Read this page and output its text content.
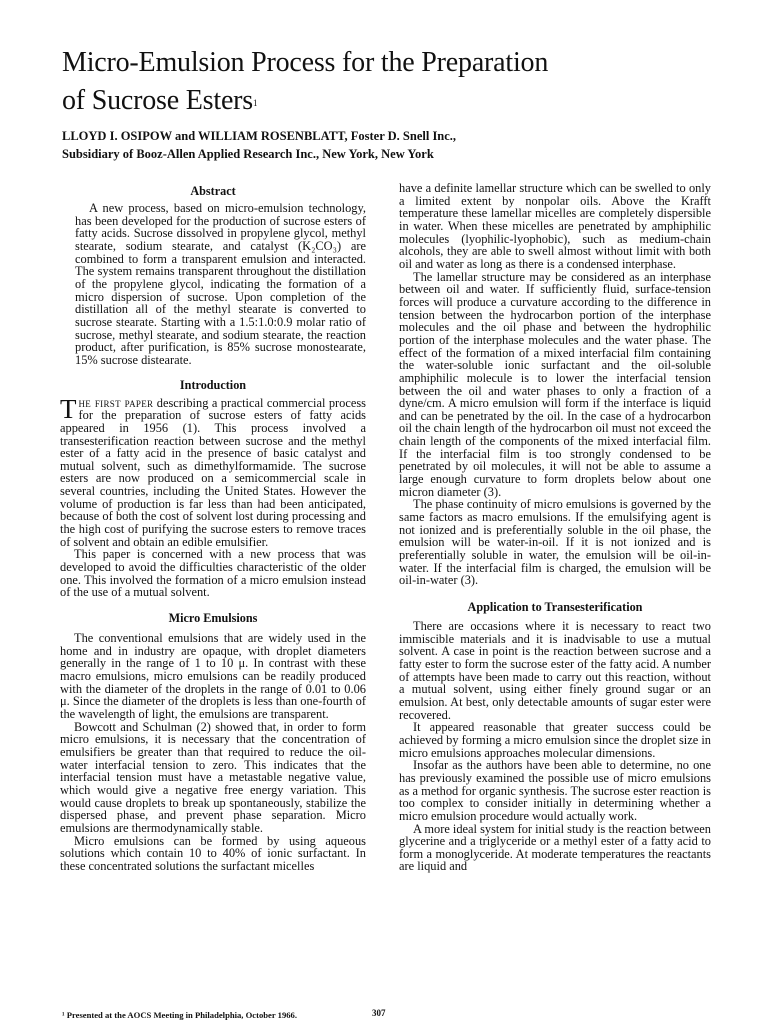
Micro-Emulsion Process for the Preparation
of Sucrose Esters$^1$
LLOYD I. OSIPOW and WILLIAM ROSENBLATT, Foster D. Snell Inc.,
Subsidiary of Booz-Allen Applied Research Inc., New York, New York
Abstract

A new process, based on micro-emulsion technology, has been developed for the production of sucrose esters of fatty acids. Sucrose dissolved in propylene glycol, methyl stearate, sodium stearate, and catalyst (K₂CO₃) are combined to form a transparent emulsion and interacted. The system remains transparent throughout the distillation of the propylene glycol, indicating the formation of a micro dispersion of sucrose. Upon completion of the distillation all of the methyl stearate is converted to sucrose stearate. Starting with a 1.5:1.0:0.9 molar ratio of sucrose, methyl stearate, and sodium stearate, the reaction product, after purification, is 85% sucrose monostearate, 15% sucrose distearate.

Introduction

The first paper describing a practical commercial process for the preparation of sucrose esters of fatty acids appeared in 1956 (1). This process involved a transesterification reaction between sucrose and the methyl ester of a fatty acid in the presence of basic catalyst and mutual solvent, such as dimethylformamide. The sucrose esters are now produced on a semicommercial scale in several countries, including the United States. However the volume of production is far less than had been anticipated, because of both the cost of solvent lost during processing and the high cost of purifying the sucrose esters to remove traces of solvent and obtain an edible emulsifier.

This paper is concerned with a new process that was developed to avoid the difficulties characteristic of the older one. This involved the formation of a micro emulsion instead of the use of a mutual solvent.

Micro Emulsions

The conventional emulsions that are widely used in the home and in industry are opaque, with droplet diameters generally in the range of 1 to 10 μ. In contrast with these macro emulsions, micro emulsions can be readily produced with the diameter of the droplets in the range of 0.01 to 0.06 μ. Since the diameter of the droplets is less than one-fourth of the wavelength of light, the emulsions are transparent.

Bowcott and Schulman (2) showed that, in order to form micro emulsions, it is necessary that the concentration of emulsifiers be greater than that required to reduce the oil-water interfacial tension to zero. This indicates that the interfacial tension must have a metastable negative value, which would give a negative free energy variation. This would cause droplets to break up spontaneously, stabilize the dispersed phase, and prevent phase separation. Micro emulsions are thermodynamically stable.

Micro emulsions can be formed by using aqueous solutions which contain 10 to 40% of ionic surfactant. In these concentrated solutions the surfactant micelles

have a definite lamellar structure which can be swelled to only a limited extent by nonpolar oils. Above the Krafft temperature these lamellar micelles are completely dispersible in water. When these micelles are penetrated by amphiphilic molecules (lyophilic-lyophobic), such as medium-chain alcohols, they are able to swell almost without limit with both oil and water as long as there is a condensed interphase.

The lamellar structure may be considered as an interphase between oil and water. If sufficiently fluid, surface-tension forces will produce a curvature according to the difference in tension between the hydrocarbon portion of the interphase molecules and the oil phase and between the hydrophilic portion of the interphase molecules and the water phase. The effect of the formation of a mixed interfacial film containing the water-soluble ionic surfactant and the oil-soluble amphiphilic molecule is to lower the interfacial tension between the oil and water phases to only a fraction of a dyne/cm. A micro emulsion will form if the interface is liquid and can be penetrated by the oil. In the case of a hydrocarbon oil the chain length of the hydrocarbon oil must not exceed the chain length of the components of the mixed interfacial film. If the interfacial film is too strongly condensed to be penetrated by oil molecules, it will not be able to assume a large enough curvature to form droplets below about one micron diameter (3).

The phase continuity of micro emulsions is governed by the same factors as macro emulsions. If the emulsifying agent is not ionized and is preferentially soluble in the oil phase, the emulsion will be water-in-oil. If it is not ionized and is preferentially soluble in water, the emulsion will be oil-in-water. If the interfacial film is charged, the emulsion will be oil-in-water (3).

Application to Transesterification

There are occasions where it is necessary to react two immiscible materials and it is inadvisable to use a mutual solvent. A case in point is the reaction between sucrose and a fatty ester to form the sucrose ester of the fatty acid. A number of attempts have been made to carry out this reaction, without a mutual solvent, using either finely ground sugar or an emulsion. At best, only detectable amounts of sugar ester were recovered.

It appeared reasonable that greater success could be achieved by forming a micro emulsion since the droplet size in micro emulsions approaches molecular dimensions.

Insofar as the authors have been able to determine, no one has previously examined the possible use of micro emulsions as a method for organic synthesis. The sucrose ester reaction is too complex to consider initially in determining whether a micro emulsion procedure would actually work.

A more ideal system for initial study is the reaction between glycerine and a triglyceride or a methyl ester of a fatty acid to form a monoglyceride. At moderate temperatures the reactants are liquid and

¹ Presented at the AOCS Meeting in Philadelphia, October 1966.	307
